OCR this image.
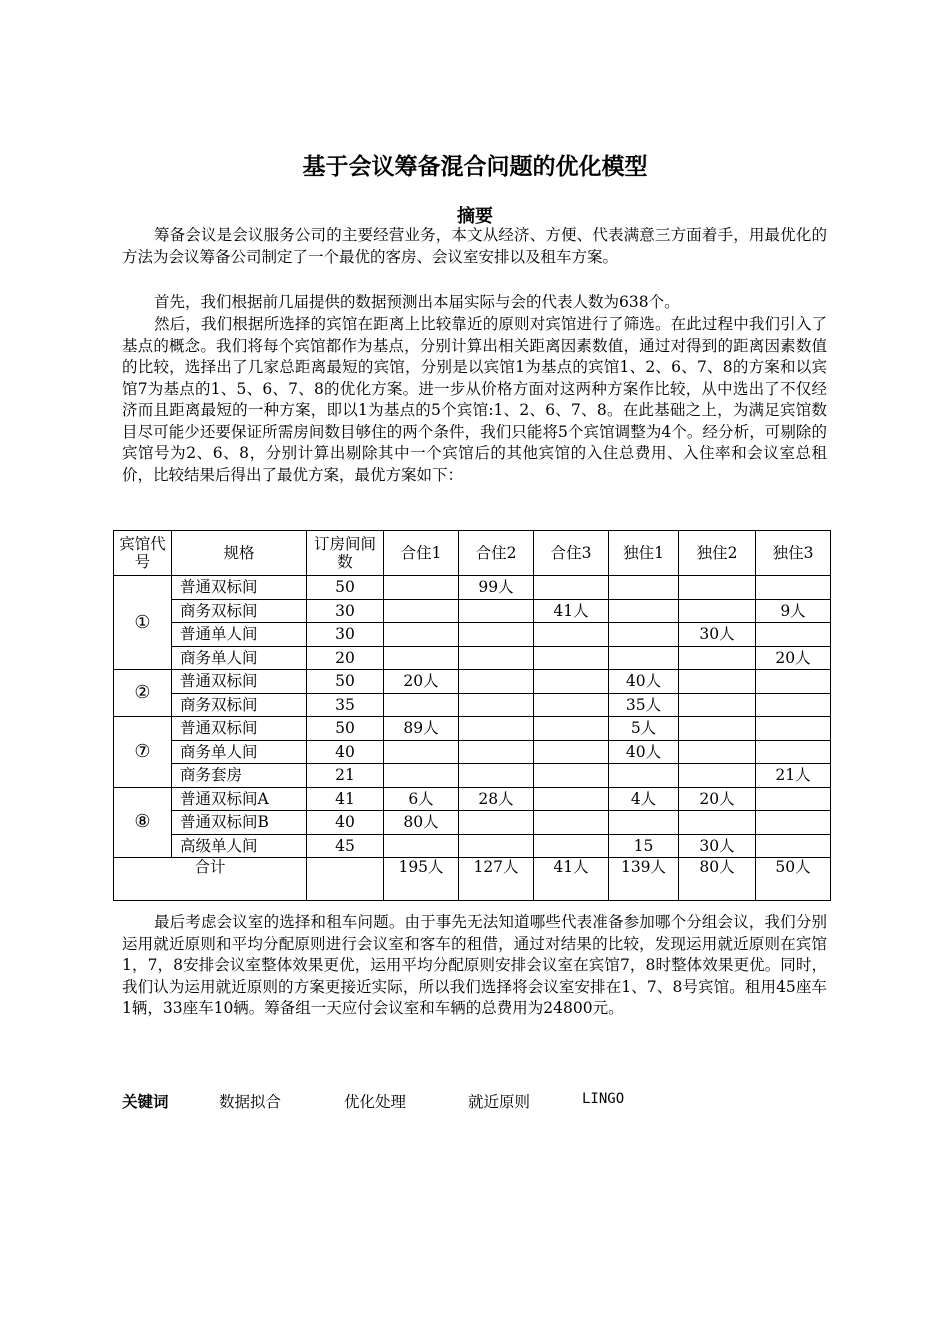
基于会议筹备混合问题的优化模型
摘要
筹备会议是会议服务公司的主要经营业务，本文从经济、方便、代表满意三方面着手，用最优化的方法为会议筹备公司制定了一个最优的客房、会议室安排以及租车方案。
首先，我们根据前几届提供的数据预测出本届实际与会的代表人数为638个。
然后，我们根据所选择的宾馆在距离上比较靠近的原则对宾馆进行了筛选。在此过程中我们引入了基点的概念。我们将每个宾馆都作为基点，分别计算出相关距离因素数值，通过对得到的距离因素数值的比较，选择出了几家总距离最短的宾馆，分别是以宾馆1为基点的宾馆1、2、6、7、8的方案和以宾馆7为基点的1、5、6、7、8的优化方案。进一步从价格方面对这两种方案作比较，从中选出了不仅经济而且距离最短的一种方案，即以1为基点的5个宾馆:1、2、6、7、8。在此基础之上，为满足宾馆数目尽可能少还要保证所需房间数目够住的两个条件，我们只能将5个宾馆调整为4个。经分析，可剔除的宾馆号为2、6、8，分别计算出剔除其中一个宾馆后的其他宾馆的入住总费用、入住率和会议室总租价，比较结果后得出了最优方案，最优方案如下：
宾馆代号	规格	订房间间数	合住1	合住2	合住3	独住1	独住2	独住3
①	普通双标间	50		99人				
	商务双标间	30			41人			9人
	普通单人间	30					30人	
	商务单人间	20						20人
②	普通双标间	50	20人			40人		
	商务双标间	35				35人		
⑦	普通双标间	50	89人			5人		
	商务单人间	40				40人		
	商务套房	21						21人
⑧	普通双标间A	41	6人	28人		4人	20人	
	普通双标间B	40	80人					
	高级单人间	45				15	30人	
合计			195人	127人	41人	139人	80人	50人
最后考虑会议室的选择和租车问题。由于事先无法知道哪些代表准备参加哪个分组会议，我们分别运用就近原则和平均分配原则进行会议室和客车的租借，通过对结果的比较，发现运用就近原则在宾馆1，7，8安排会议室整体效果更优，运用平均分配原则安排会议室在宾馆7，8时整体效果更优。同时，我们认为运用就近原则的方案更接近实际，所以我们选择将会议室安排在1、7、8号宾馆。租用45座车1辆，33座车10辆。筹备组一天应付会议室和车辆的总费用为24800元。
关键词	数据拟合	优化处理	就近原则	LINGO
